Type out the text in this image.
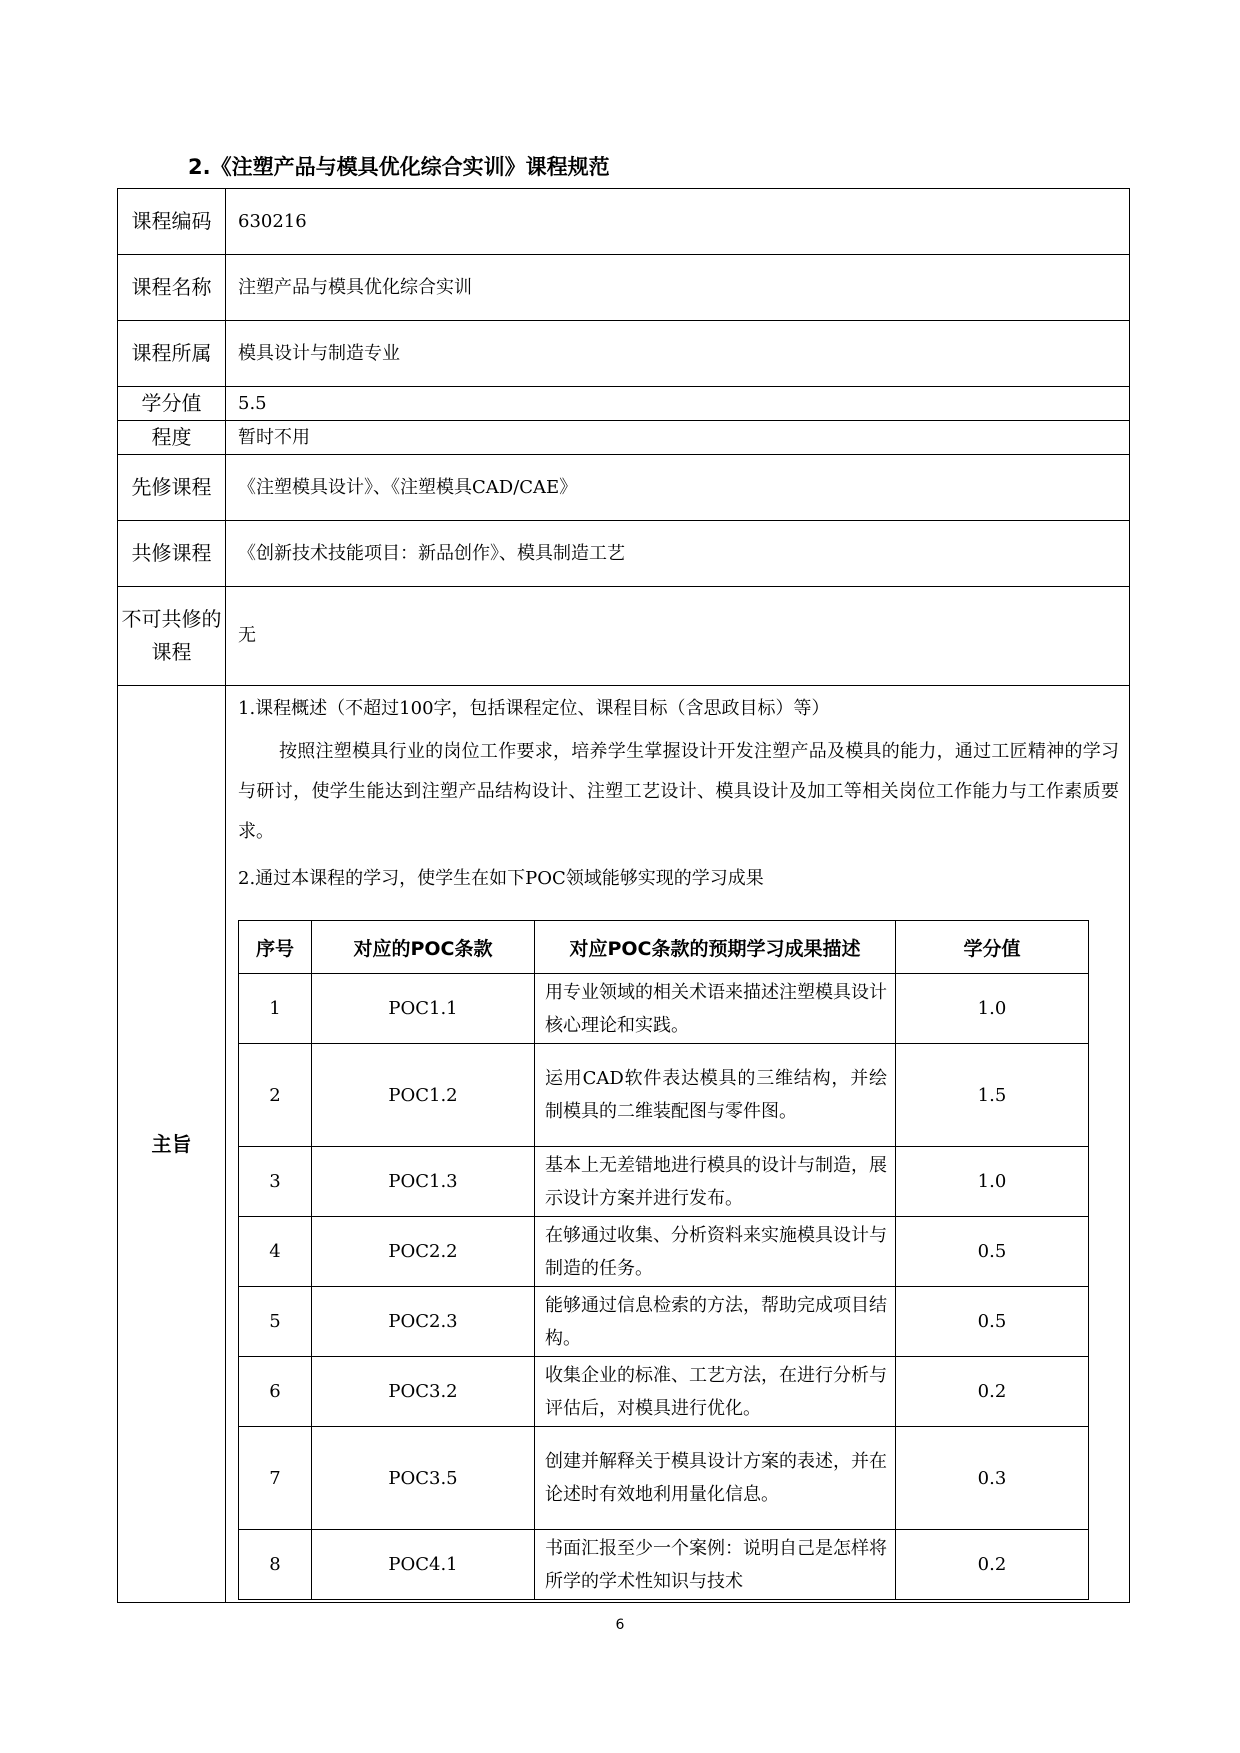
2.《注塑产品与模具优化综合实训》课程规范
课程编码	630216
课程名称	注塑产品与模具优化综合实训
课程所属	模具设计与制造专业
学分值	5.5
程度	暂时不用
先修课程	《注塑模具设计》、《注塑模具CAD/CAE》
共修课程	《创新技术技能项目：新品创作》、模具制造工艺
不可共修的课程	无
主旨	

1.课程概述（不超过100字，包括课程定位、课程目标（含思政目标）等）

按照注塑模具行业的岗位工作要求，培养学生掌握设计开发注塑产品及模具的能力，通过工匠精神的学习与研讨，使学生能达到注塑产品结构设计、注塑工艺设计、模具设计及加工等相关岗位工作能力与工作素质要求。

2.通过本课程的学习，使学生在如下POC领域能够实现的学习成果

序号	对应的POC条款	对应POC条款的预期学习成果描述	学分值
1	POC1.1	用专业领域的相关术语来描述注塑模具设计核心理论和实践。	1.0
2	POC1.2	运用CAD软件表达模具的三维结构，并绘制模具的二维装配图与零件图。	1.5
3	POC1.3	基本上无差错地进行模具的设计与制造，展示设计方案并进行发布。	1.0
4	POC2.2	在够通过收集、分析资料来实施模具设计与制造的任务。	0.5
5	POC2.3	能够通过信息检索的方法，帮助完成项目结构。	0.5
6	POC3.2	收集企业的标准、工艺方法，在进行分析与评估后，对模具进行优化。	0.2
7	POC3.5	创建并解释关于模具设计方案的表述，并在论述时有效地利用量化信息。	0.3
8	POC4.1	书面汇报至少一个案例：说明自己是怎样将所学的学术性知识与技术	0.2
6
